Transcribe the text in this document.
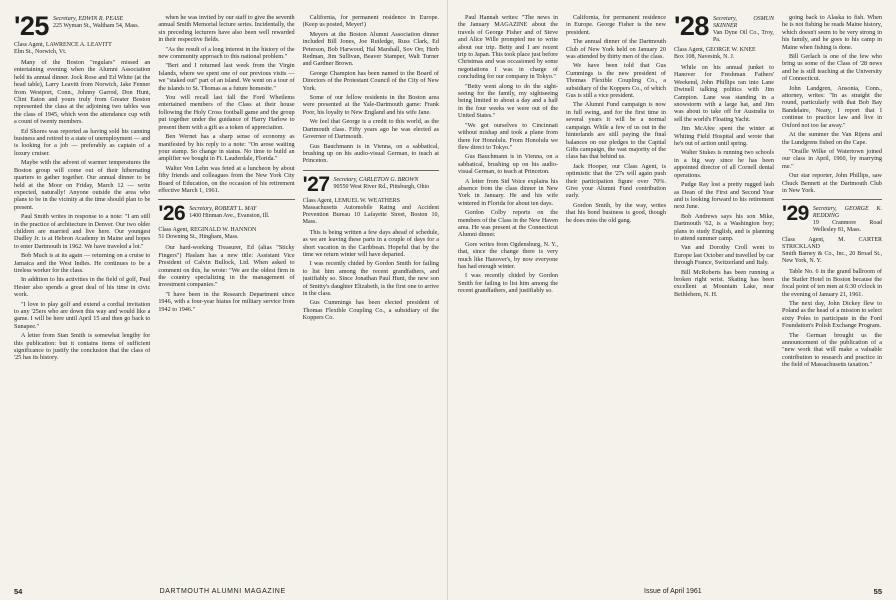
'25 Secretary, EDWIN R. PEASE
225 Wyman St., Waltham 54, Mass.
Class Agent, LAWRENCE A. LEAVITT
Elm St., Norwich, Vt.

Many of the Boston "regulars" missed an entertaining evening when the Alumni Association held its annual dinner. Jock Rose and Ed White (at the head table), Larry Leavitt from Norwich, Jake Fenner from Westport, Conn., Johnny Garrod, Don Hunt, Clint Eaton and yours truly from Greater Boston represented the class at the adjoining two tables was the class of 1945, which won the attendance cup with a count of twenty members.

Ed Shores was reported as having sold his canning business and retired to a state of unemployment — and is looking for a job — preferably as captain of a luxury cruiser.

Maybe with the advent of warmer temperatures the Boston group will come out of their hibernating quarters to gather together. Our annual dinner to be held at the Moor on Friday, March 12 — write expected, naturally! Anyone outside the area who plans to be in the vicinity at the time should plan to be present.

Paul Smith writes in response to a note: "I am still in the practice of architecture in Denver. Our two older children are married and live here. Our youngest Dudley Jr. is at Hebron Academy in Maine and hopes to enter Dartmouth in 1962. We have traveled a lot."

Bob Much is at its again — returning on a cruise to Jamaica and the West Indies. He continues to be a tireless worker for the class.

In addition to his activities in the field of golf, Paul Hester also spends a great deal of his time in civic work.

"I love to play golf and extend a cordial invitation to any '25ers who are down this way and would like a game. I will be here until April 15 and then go back to Sunapee."

A letter from Stan Smith is somewhat lengthy for this publication: but it contains items of sufficient significance to justify the conclusion that the class of '25 has its history.

when he was invited by our staff to give the seventh annual Smith Memorial lecture series. Incidentally, the six preceding lecturers have also been well rewarded in their respective fields.

"As the result of a long interest in the history of the new community approach to this national problem."

"Bert and I returned last week from the Virgin Islands, where we spent one of our previous visits — we "staked out" part of an island. We went on a tour of the islands to St. Thomas as a future homesite."

You will recall last fall the Ford Whetlems entertained members of the Class at their house following the Holy Cross football game and the group put together under the guidance of Harry Harlow to present them with a gift as a token of appreciation.

Ben Wernet has a sharp sense of economy as manifested by his reply to a note: "On arose waiting your stamp. So change in status. No time to build an amplifier we bought in Ft. Lauderdale, Florida."

Walter Von Lehn was feted at a luncheon by about fifty friends and colleagues from the New York City Board of Education, on the occasion of his retirement effective March 1, 1961.

'26 Secretary, ROBERT L. MAY
1400 Hinman Ave., Evanston, Ill.
Class Agent, REGINALD W. HANNON
51 Downing St., Hingham, Mass.

Our hard-working Treasurer, Ed (alias "Sticky Fingers") Haslam has a new title: Assistant Vice President of Calvin Bullock, Ltd. When asked to comment on this, he wrote: "We are the oldest firm in the country specializing in the management of investment companies."

"I have been in the Research Department since 1946, with a four-year hiatus for military service from 1942 to 1946."

California, for permanent residence in Europe. (Keep us posted, Meyer!)

Meyers at the Boston Alumni Association dinner included Bill Jones, Joe Rutledge, Russ Clark, Ed Peterson, Bob Harwood, Hal Marshall, Sov Orr, Herb Redman, Jim Sullivan, Beaver Stamper, Walt Turner and Gardner Brown.

George Champion has been named to the Board of Directors of the Protestant Council of the City of New York.

Some of our fellow residents in the Boston area were presented at the Yale-Dartmouth game: Frank Poor, his loyalty to New England and his wife Jane.

We feel that George is a credit to this world, as the Dartmouth class. Fifty years ago he was elected as Governor of Dartmouth.

Gus Bauchmann is in Vienna, on a sabbatical, brushing up on his audio-visual German, to teach at Princeton.

'27 Secretary, CARLETON G. BROWN
90550 West River Rd., Pittsburgh, Ohio
Class Agent, LEMUEL W. WEATHERS
Massachusetts Automobile Rating and Accident Prevention Bureau 10 Lafayette Street, Boston 10, Mass.

This is being written a few days ahead of schedule, as we are leaving these parts in a couple of days for a short vacation in the Caribbean. Hopeful that by the time we return winter will have departed.

I was recently chided by Gordon Smith for failing to list him among the recent grandfathers, and justifiably so. Since Jonathan Paul Hunt, the new son of Smitty's daughter Elizabeth, is the first one to arrive in the class.

Gus Cummings has been elected president of Thomas Flexible Coupling Co., a subsidiary of the Koppers Co.

54	DARTMOUTH ALUMNI MAGAZINE

Paul Hannah writes: "The news in the January MAGAZINE about the travels of George Fisher and of Steve and Alice Wille prompted me to write about our trip. Betty and I are recent trip to Japan. This took place just before Christmas and was occasioned by some negotiations I was in charge of concluding for our company in Tokyo."

"Betty went along to do the sight-seeing for the family, my sightseeing being limited to about a day and a half in the four weeks we were out of the United States."

"We got ourselves to Cincinnati without mishap and took a plane from there for Honolulu. From Honolulu we flew direct to Tokyo."

Gus Bauchmann is in Vienna, on a sabbatical, brushing up on his audio-visual German, to teach at Princeton.

A letter from Sid Voice explains his absence from the class dinner in New York in January. He and his wife wintered in Florida for about ten days.

Gordon Colby reports on the members of the Class in the New Haven area. He was present at the Connecticut Alumni dinner.

Gore writes from Ogdensburg, N. Y., that, since the change there is very much like Hanover's, by now everyone has had enough winter.

I was recently chided by Gordon Smith for failing to list him among the recent grandfathers, and justifiably so.

California, for permanent residence in Europe. George Fisher is the new president.

The annual dinner of the Dartmouth Club of New York held on January 20 was attended by thirty men of the class.

We have been told that Gus Cummings is the new president of Thomas Flexible Coupling Co., a subsidiary of the Koppers Co., of which Gus is still a vice president.

The Alumni Fund campaign is now in full swing, and for the first time in several years it will be a normal campaign. While a few of us out in the hinterlands are still paying the final balances on our pledges to the Capital Gifts campaign, the vast majority of the class has that behind us.

Jack Hooper, our Class Agent, is optimistic that the '27s will again push their participation figure over 70%. Give your Alumni Fund contribution early.

Gordon Smith, by the way, writes that his bond business is good, though he does miss the old gang.

'28 Secretary, OSMUN SKINNER
Van Dyne Oil Co., Troy, Pa.
Class Agent, GEORGE W. KNEE
Box 108, Navesink, N. J.

While on his annual junket to Hanover for Freshman Fathers' Weekend, John Phillips ran into Lane Dwinell talking politics with Jim Campion. Lane was standing in a snowstorm with a large hat, and Jim was about to take off for Australia to sell the world's Floating Yacht.

Jim McAfee spent the winter at Whiting Field Hospital and wrote that he's out of action until spring.

Walter Stukes is running two schools in a big way since he has been appointed director of all Cornell dental operations.

Pudge Ray lost a pretty rugged lash as Dean of the First and Second Year and is looking forward to his retirement next June.

Bob Andrews says his son Mike, Dartmouth '62, is a Washington boy; plans to study English, and is planning to attend summer camp.

Van and Dorothy Croll went to Europe last October and travelled by car through France, Switzerland and Italy.

Bill McRoberts has been running a broken right wrist. Skating has been excellent at Mountain Lake, near Bethlehem, N. H.

going back to Alaska to fish. When he is not fishing he reads Maine history, which doesn't seem to be very strong in his family, and he goes to his camp in Maine when fishing is done.

Bill Gerlach is one of the few who bring us some of the Class of '28 news and he is still teaching at the University of Connecticut.

John Landgren, Ansonia, Conn., attorney, writes: "In as straight the round, particularly with that Bob Bay Bandelaire, Neary, I report that I continue to practice law and live in Oxford not too far away."

At the summer the Van Rijens and the Lundgrens fished on the Cape.

"Oraille Wilke of Watertown joined our class in April, 1960, by marrying me."

Our star reporter, John Phillips, saw Chuck Bennett at the Dartmouth Club in New York.

'29 Secretary, GEORGE K. REDDING
19 Cranmore Road Wellesley 81, Mass.
Class Agent, M. CARTER STRICKLAND
Smith Barney & Co., Inc., 20 Broad St., New York, N. Y.

Table No. 6 in the grand ballroom of the Statler Hotel in Boston because the focal point of ten men at 6:30 o'clock in the evening of January 21, 1961.

The next day, John Dickey flew to Poland as the head of a mission to select sixty Poles to participate in the Ford Foundation's Polish Exchange Program.

The German brought us the announcement of the publication of a "new work that will make a valuable contribution to research and practice in the field of Massachusetts taxation."

Issue of April 1961	55
